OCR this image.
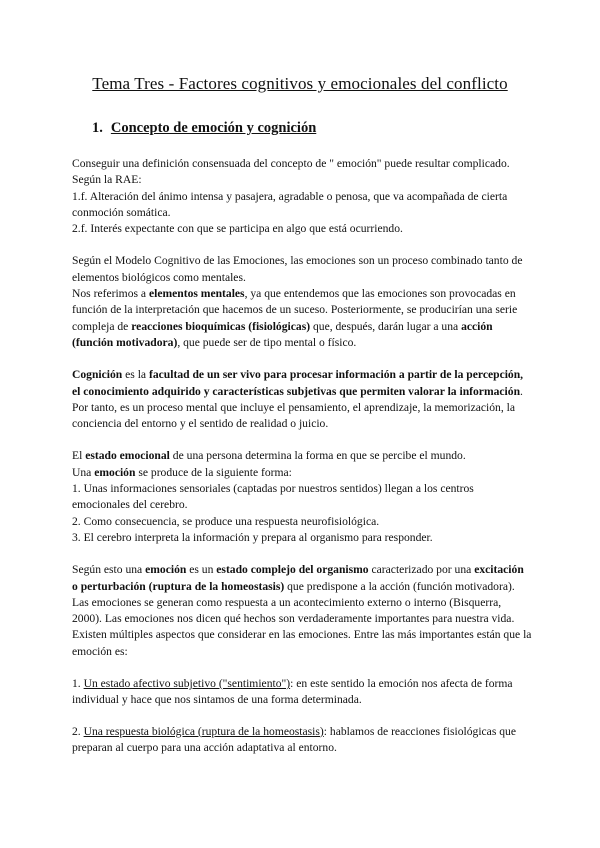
Tema Tres - Factores cognitivos y emocionales del conflicto
1. Concepto de emoción y cognición

Conseguir una definición consensuada del concepto de " emoción" puede resultar complicado.

Según la RAE:

1.f. Alteración del ánimo intensa y pasajera, agradable o penosa, que va acompañada de cierta conmoción somática.

2.f. Interés expectante con que se participa en algo que está ocurriendo.

Según el Modelo Cognitivo de las Emociones, las emociones son un proceso combinado tanto de elementos biológicos como mentales.

Nos referimos a elementos mentales, ya que entendemos que las emociones son provocadas en función de la interpretación que hacemos de un suceso. Posteriormente, se producirían una serie compleja de reacciones bioquímicas (fisiológicas) que, después, darán lugar a una acción (función motivadora), que puede ser de tipo mental o físico.

Cognición es la facultad de un ser vivo para procesar información a partir de la percepción, el conocimiento adquirido y características subjetivas que permiten valorar la información. Por tanto, es un proceso mental que incluye el pensamiento, el aprendizaje, la memorización, la conciencia del entorno y el sentido de realidad o juicio.

El estado emocional de una persona determina la forma en que se percibe el mundo.

Una emoción se produce de la siguiente forma:

1. Unas informaciones sensoriales (captadas por nuestros sentidos) llegan a los centros emocionales del cerebro.

2. Como consecuencia, se produce una respuesta neurofisiológica.

3. El cerebro interpreta la información y prepara al organismo para responder.

Según esto una emoción es un estado complejo del organismo caracterizado por una excitación o perturbación (ruptura de la homeostasis) que predispone a la acción (función motivadora). Las emociones se generan como respuesta a un acontecimiento externo o interno (Bisquerra, 2000). Las emociones nos dicen qué hechos son verdaderamente importantes para nuestra vida. Existen múltiples aspectos que considerar en las emociones. Entre las más importantes están que la emoción es:

1. Un estado afectivo subjetivo ("sentimiento"): en este sentido la emoción nos afecta de forma individual y hace que nos sintamos de una forma determinada.

2. Una respuesta biológica (ruptura de la homeostasis): hablamos de reacciones fisiológicas que preparan al cuerpo para una acción adaptativa al entorno.
